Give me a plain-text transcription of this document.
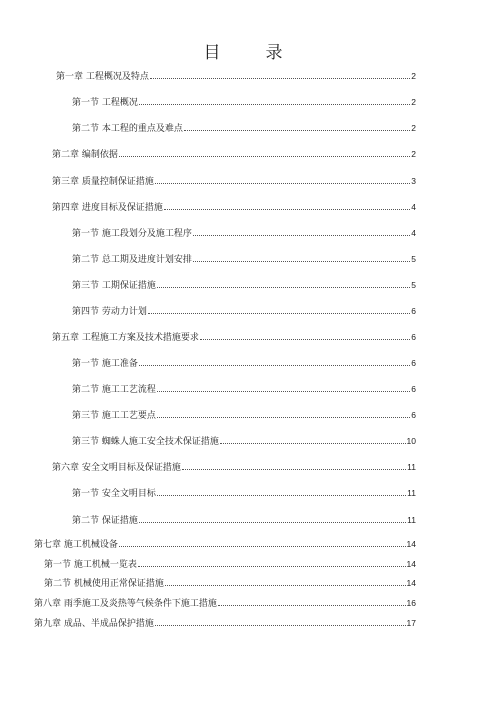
目　录
第一章 工程概况及特点	2
第一节 工程概况	2
第二节 本工程的重点及难点	2
第二章 编制依据	2
第三章 质量控制保证措施	3
第四章 进度目标及保证措施	4
第一节 施工段划分及施工程序	4
第二节 总工期及进度计划安排	5
第三节 工期保证措施	5
第四节 劳动力计划	6
第五章 工程施工方案及技术措施要求	6
第一节 施工准备	6
第二节 施工工艺流程	6
第三节 施工工艺要点	6
第三节 蜘蛛人施工安全技术保证措施	10
第六章 安全文明目标及保证措施	11
第一节 安全文明目标	11
第二节 保证措施	11
第七章 施工机械设备	14
第一节 施工机械一览表	14
第二节 机械使用正常保证措施	14
第八章 雨季施工及炎热等气候条件下施工措施	16
第九章 成品、半成品保护措施	17
